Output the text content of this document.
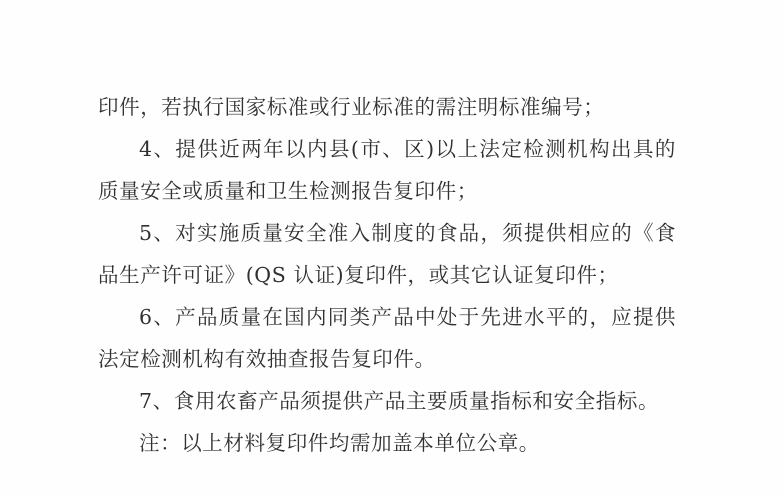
印件，若执行国家标准或行业标准的需注明标准编号；

4、提供近两年以内县(市、区)以上法定检测机构出具的质量安全或质量和卫生检测报告复印件；

5、对实施质量安全准入制度的食品，须提供相应的《食品生产许可证》(QS 认证)复印件，或其它认证复印件；

6、产品质量在国内同类产品中处于先进水平的，应提供法定检测机构有效抽查报告复印件。

7、食用农畜产品须提供产品主要质量指标和安全指标。

注：以上材料复印件均需加盖本单位公章。
